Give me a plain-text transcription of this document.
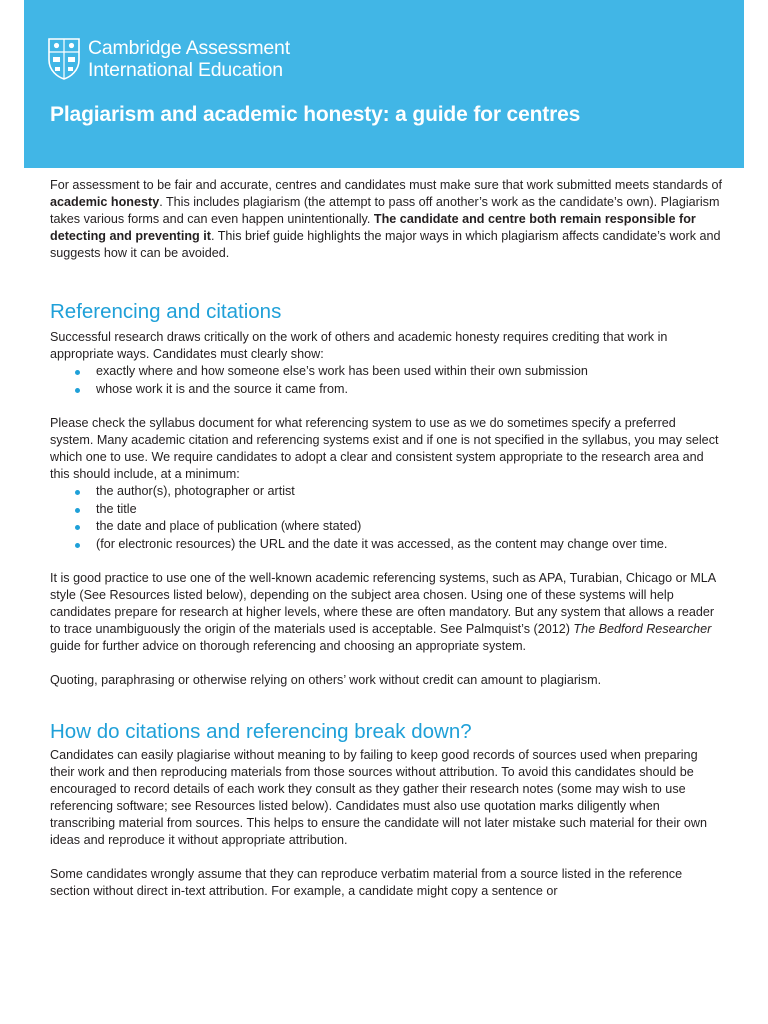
Cambridge Assessment
International Education
Plagiarism and academic honesty: a guide for centres

For assessment to be fair and accurate, centres and candidates must make sure that work submitted meets standards of academic honesty. This includes plagiarism (the attempt to pass off another’s work as the candidate’s own). Plagiarism takes various forms and can even happen unintentionally. The candidate and centre both remain responsible for detecting and preventing it. This brief guide highlights the major ways in which plagiarism affects candidate’s work and suggests how it can be avoided.

Referencing and citations

Successful research draws critically on the work of others and academic honesty requires crediting that work in appropriate ways. Candidates must clearly show:

exactly where and how someone else’s work has been used within their own submission
whose work it is and the source it came from.

Please check the syllabus document for what referencing system to use as we do sometimes specify a preferred system. Many academic citation and referencing systems exist and if one is not specified in the syllabus, you may select which one to use. We require candidates to adopt a clear and consistent system appropriate to the research area and this should include, at a minimum:

the author(s), photographer or artist
the title
the date and place of publication (where stated)
(for electronic resources) the URL and the date it was accessed, as the content may change over time.

It is good practice to use one of the well-known academic referencing systems, such as APA, Turabian, Chicago or MLA style (See Resources listed below), depending on the subject area chosen. Using one of these systems will help candidates prepare for research at higher levels, where these are often mandatory. But any system that allows a reader to trace unambiguously the origin of the materials used is acceptable. See Palmquist’s (2012) The Bedford Researcher guide for further advice on thorough referencing and choosing an appropriate system.

Quoting, paraphrasing or otherwise relying on others’ work without credit can amount to plagiarism.

How do citations and referencing break down?

Candidates can easily plagiarise without meaning to by failing to keep good records of sources used when preparing their work and then reproducing materials from those sources without attribution. To avoid this candidates should be encouraged to record details of each work they consult as they gather their research notes (some may wish to use referencing software; see Resources listed below). Candidates must also use quotation marks diligently when transcribing material from sources. This helps to ensure the candidate will not later mistake such material for their own ideas and reproduce it without appropriate attribution.

Some candidates wrongly assume that they can reproduce verbatim material from a source listed in the reference section without direct in-text attribution. For example, a candidate might copy a sentence or
